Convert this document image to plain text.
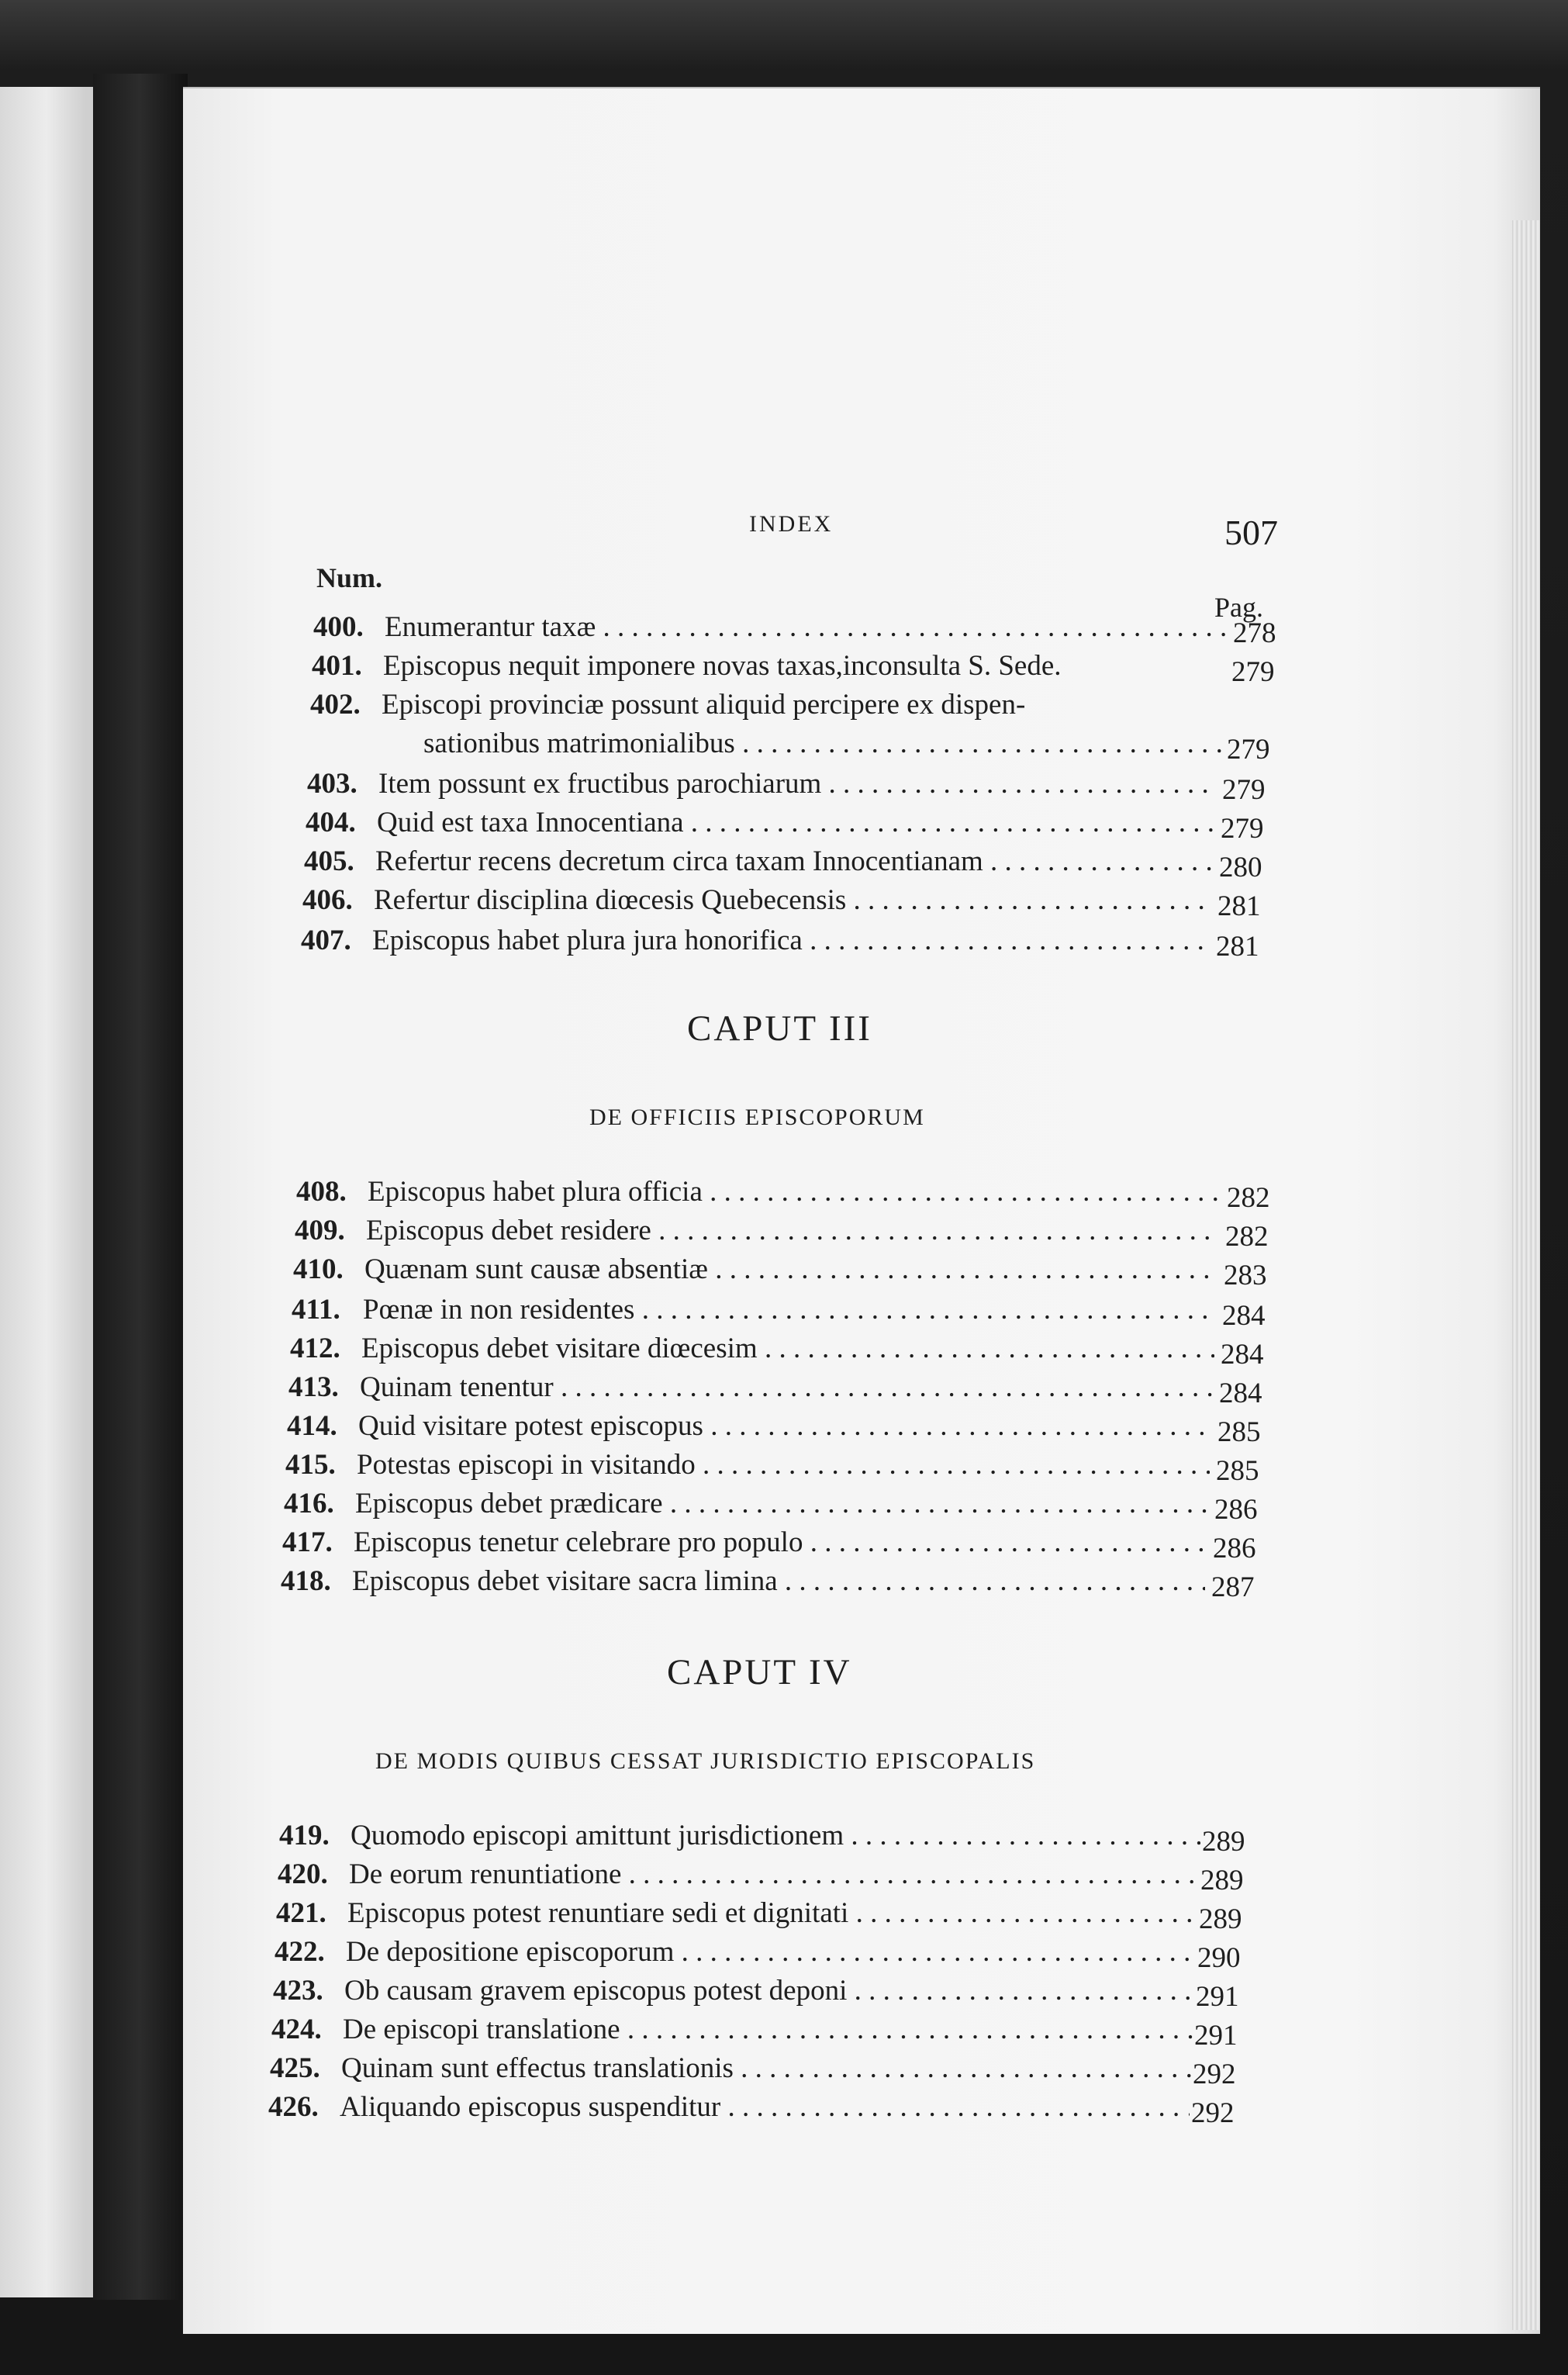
INDEX	507
Num.
Pag.
400. Enumerantur taxæ . . .	278
401. Episcopus nequit imponere novas taxas,inconsulta S. Sede.	279
402. Episcopi provinciæ possunt aliquid percipere ex dispen-
sationibus matrimonialibus . . .	279
403. Item possunt ex fructibus parochiarum . . .	279
404. Quid est taxa Innocentiana . . .	279
405. Refertur recens decretum circa taxam Innocentianam . . .	280
406. Refertur disciplina diœcesis Quebecensis . . .	281
407. Episcopus habet plura jura honorifica . . .	281
CAPUT III
DE OFFICIIS EPISCOPORUM
408. Episcopus habet plura officia . . .	282
409. Episcopus debet residere . . .	282
410. Quænam sunt causæ absentiæ . . .	283
411. Pœnæ in non residentes . . .	284
412. Episcopus debet visitare diœcesim . . .	284
413. Quinam tenentur . . .	284
414. Quid visitare potest episcopus . . .	285
415. Potestas episcopi in visitando . . .	285
416. Episcopus debet prædicare . . .	286
417. Episcopus tenetur celebrare pro populo . . .	286
418. Episcopus debet visitare sacra limina . . .	287
CAPUT IV
DE MODIS QUIBUS CESSAT JURISDICTIO EPISCOPALIS
419. Quomodo episcopi amittunt jurisdictionem . . .	289
420. De eorum renuntiatione . . .	289
421. Episcopus potest renuntiare sedi et dignitati . . .	289
422. De depositione episcoporum . . .	290
423. Ob causam gravem episcopus potest deponi . . .	291
424. De episcopi translatione . . .	291
425. Quinam sunt effectus translationis . . .	292
426. Aliquando episcopus suspenditur . . .	292
